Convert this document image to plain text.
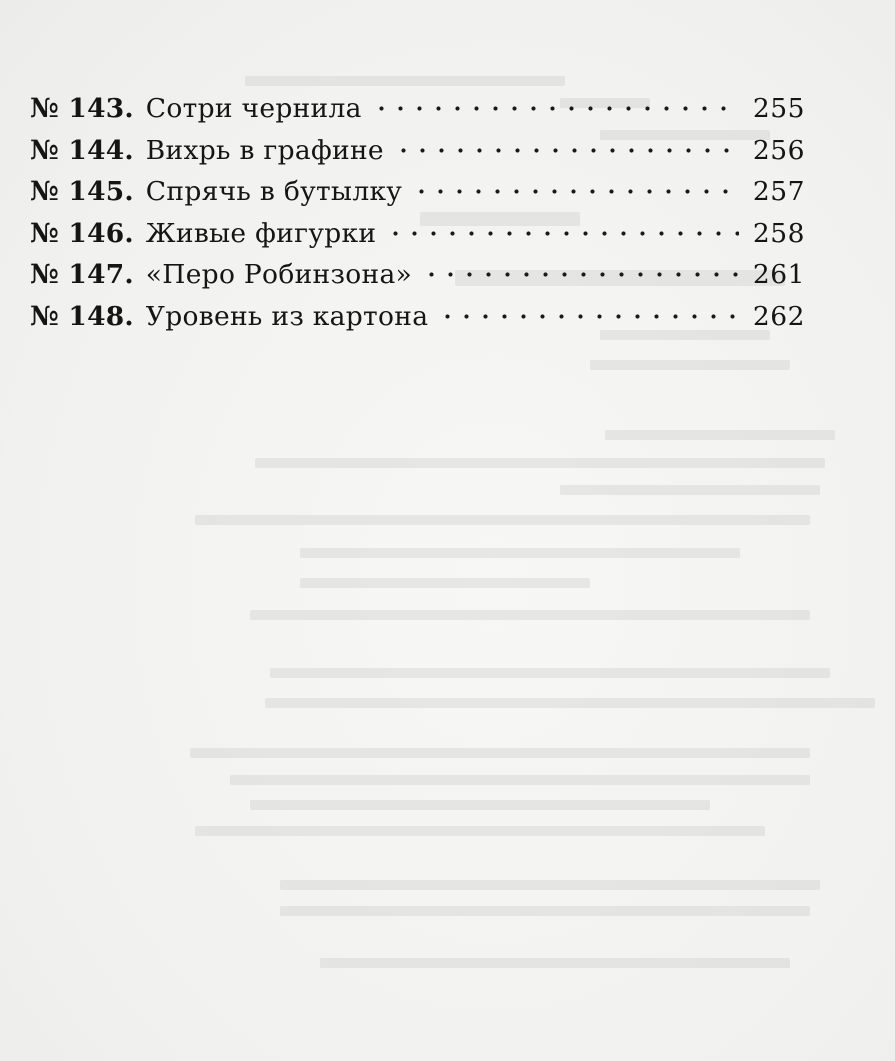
№ 143. Сотри чернила	255
№ 144. Вихрь в графине	256
№ 145. Спрячь в бутылку	257
№ 146. Живые фигурки	258
№ 147. «Перо Робинзона»	261
№ 148. Уровень из картона	262
